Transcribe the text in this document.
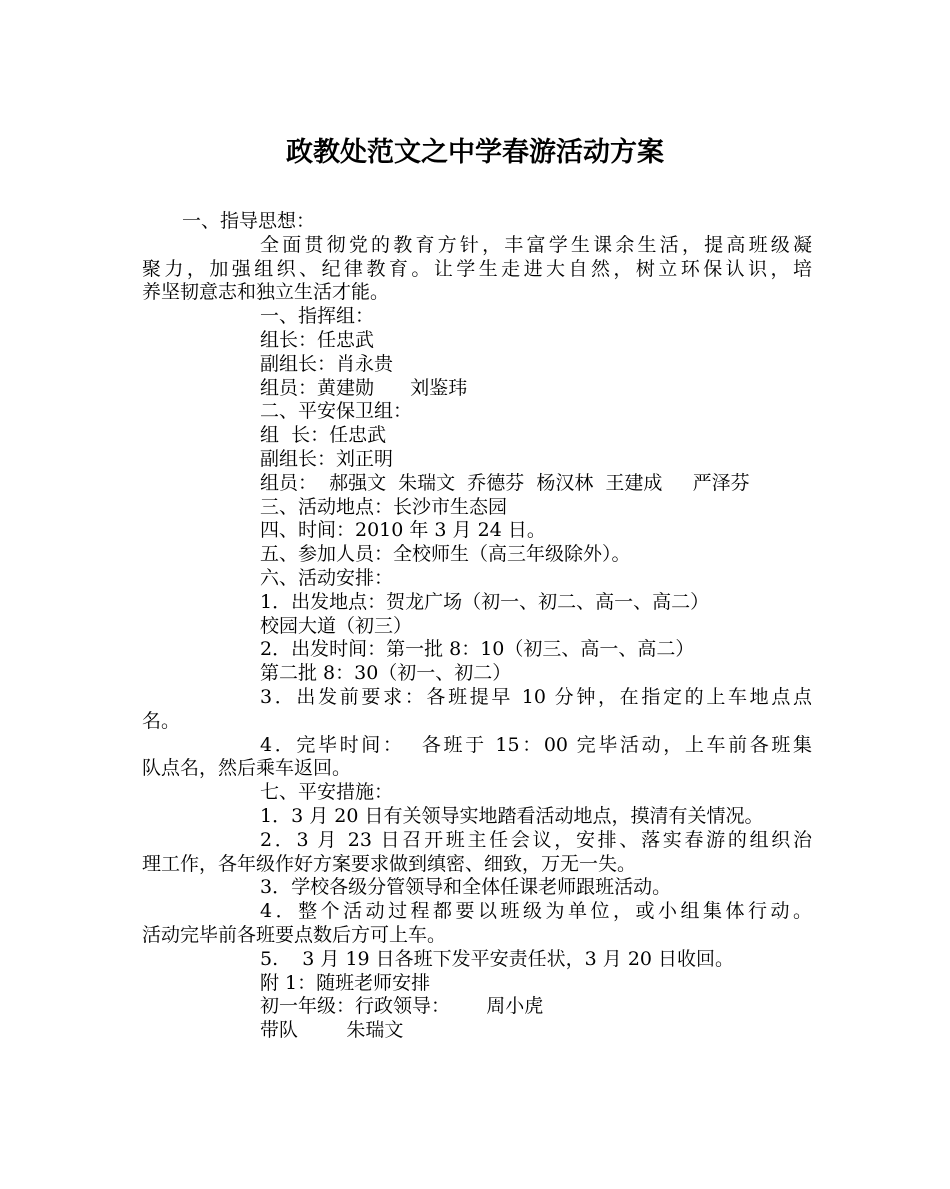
政教处范文之中学春游活动方案
一、指导思想：
全面贯彻党的教育方针，丰富学生课余生活，提高班级凝
聚力，加强组织、纪律教育。让学生走进大自然，树立环保认识，培
养坚韧意志和独立生活才能。
一、指挥组：
组长：任忠武
副组长：肖永贵
组员：黄建勋      刘鉴玮
二、平安保卫组：
组  长：任忠武
副组长：刘正明
组员：  郝强文  朱瑞文  乔德芬  杨汉林  王建成     严泽芬
三、活动地点：长沙市生态园
四、时间：2010 年 3 月 24 日。
五、参加人员：全校师生（高三年级除外）。
六、活动安排：
1．出发地点：贺龙广场（初一、初二、高一、高二）
校园大道（初三）
2．出发时间：第一批 8：10（初三、高一、高二）
第二批 8：30（初一、初二）
3．出发前要求：各班提早 10 分钟，在指定的上车地点点
名。
4．完毕时间：  各班于 15：00 完毕活动，上车前各班集
队点名，然后乘车返回。
七、平安措施：
1．3 月 20 日有关领导实地踏看活动地点，摸清有关情况。
2．3 月 23 日召开班主任会议，安排、落实春游的组织治
理工作，各年级作好方案要求做到缜密、细致，万无一失。
3．学校各级分管领导和全体任课老师跟班活动。
4．整个活动过程都要以班级为单位，或小组集体行动。
活动完毕前各班要点数后方可上车。
5.    3 月 19 日各班下发平安责任状，3 月 20 日收回。
附 1：随班老师安排
初一年级：行政领导：      周小虎
带队        朱瑞文
